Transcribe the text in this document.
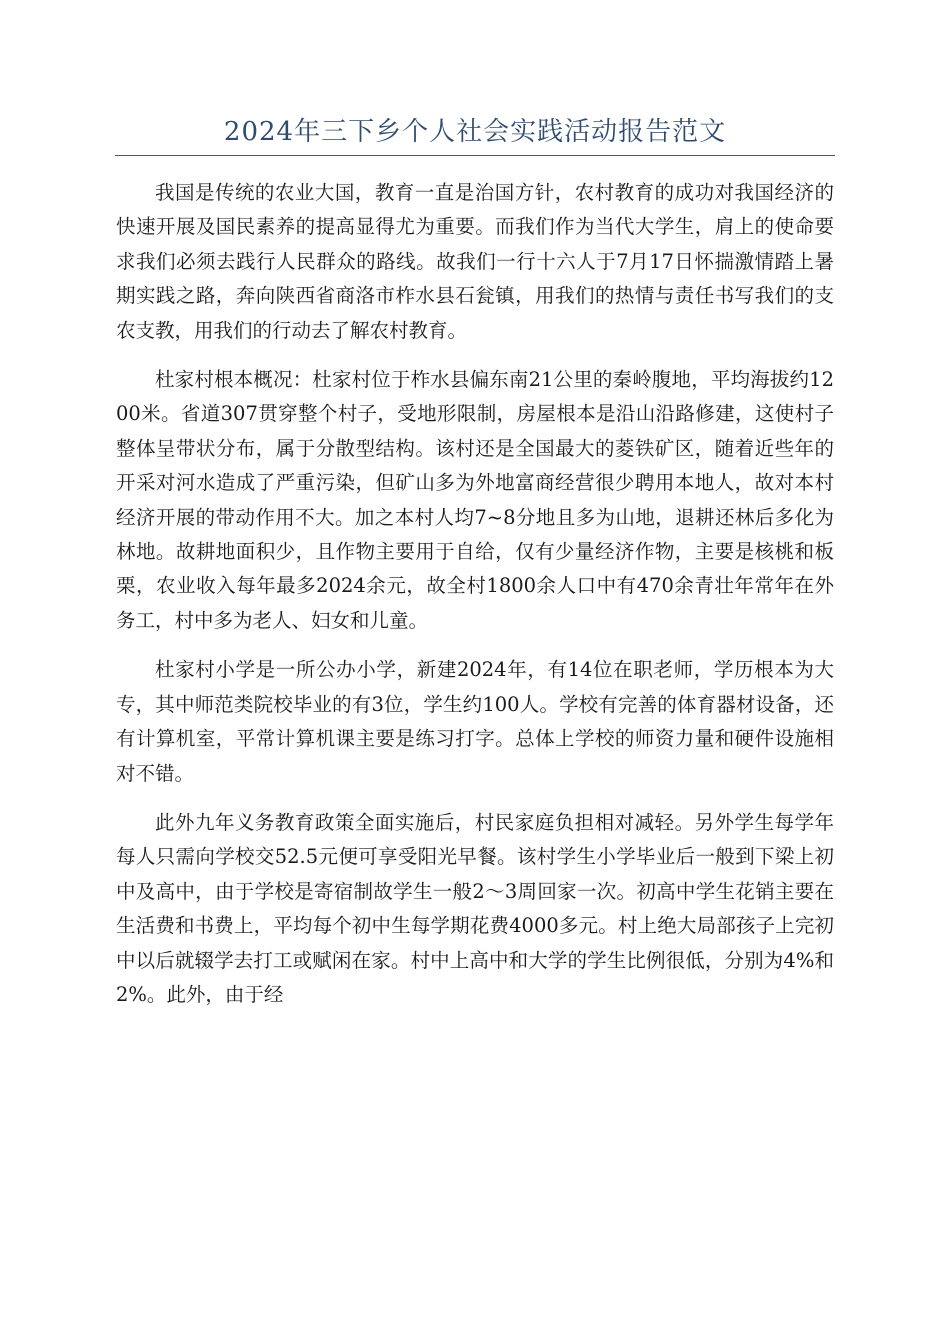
2024年三下乡个人社会实践活动报告范文

我国是传统的农业大国，教育一直是治国方针，农村教育的成功对我国经济的快速开展及国民素养的提高显得尤为重要。而我们作为当代大学生，肩上的使命要求我们必须去践行人民群众的路线。故我们一行十六人于7月17日怀揣激情踏上暑期实践之路，奔向陕西省商洛市柞水县石瓮镇，用我们的热情与责任书写我们的支农支教，用我们的行动去了解农村教育。

杜家村根本概况：杜家村位于柞水县偏东南21公里的秦岭腹地，平均海拔约1200米。省道307贯穿整个村子，受地形限制，房屋根本是沿山沿路修建，这使村子整体呈带状分布，属于分散型结构。该村还是全国最大的菱铁矿区，随着近些年的开采对河水造成了严重污染，但矿山多为外地富商经营很少聘用本地人，故对本村经济开展的带动作用不大。加之本村人均7~8分地且多为山地，退耕还林后多化为林地。故耕地面积少，且作物主要用于自给，仅有少量经济作物，主要是核桃和板栗，农业收入每年最多2024余元，故全村1800余人口中有470余青壮年常年在外务工，村中多为老人、妇女和儿童。

杜家村小学是一所公办小学，新建2024年，有14位在职老师，学历根本为大专，其中师范类院校毕业的有3位，学生约100人。学校有完善的体育器材设备，还有计算机室，平常计算机课主要是练习打字。总体上学校的师资力量和硬件设施相对不错。

此外九年义务教育政策全面实施后，村民家庭负担相对减轻。另外学生每学年每人只需向学校交52.5元便可享受阳光早餐。该村学生小学毕业后一般到下梁上初中及高中，由于学校是寄宿制故学生一般2～3周回家一次。初高中学生花销主要在生活费和书费上，平均每个初中生每学期花费4000多元。村上绝大局部孩子上完初中以后就辍学去打工或赋闲在家。村中上高中和大学的学生比例很低，分别为4%和2%。此外，由于经
